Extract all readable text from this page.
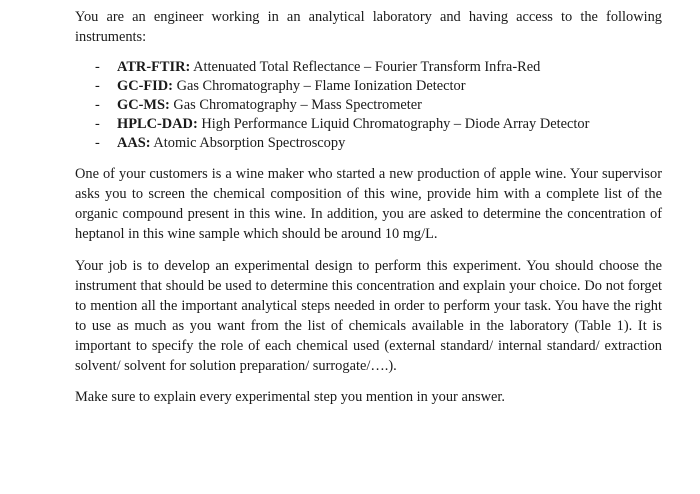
You are an engineer working in an analytical laboratory and having access to the following instruments:

- ATR-FTIR: Attenuated Total Reflectance – Fourier Transform Infra-Red
- GC-FID: Gas Chromatography – Flame Ionization Detector
- GC-MS: Gas Chromatography – Mass Spectrometer
- HPLC-DAD: High Performance Liquid Chromatography – Diode Array Detector
- AAS: Atomic Absorption Spectroscopy

One of your customers is a wine maker who started a new production of apple wine. Your supervisor asks you to screen the chemical composition of this wine, provide him with a complete list of the organic compound present in this wine. In addition, you are asked to determine the concentration of heptanol in this wine sample which should be around 10 mg/L.

Your job is to develop an experimental design to perform this experiment. You should choose the instrument that should be used to determine this concentration and explain your choice. Do not forget to mention all the important analytical steps needed in order to perform your task. You have the right to use as much as you want from the list of chemicals available in the laboratory (Table 1). It is important to specify the role of each chemical used (external standard/ internal standard/ extraction solvent/ solvent for solution preparation/ surrogate/….).

Make sure to explain every experimental step you mention in your answer.
